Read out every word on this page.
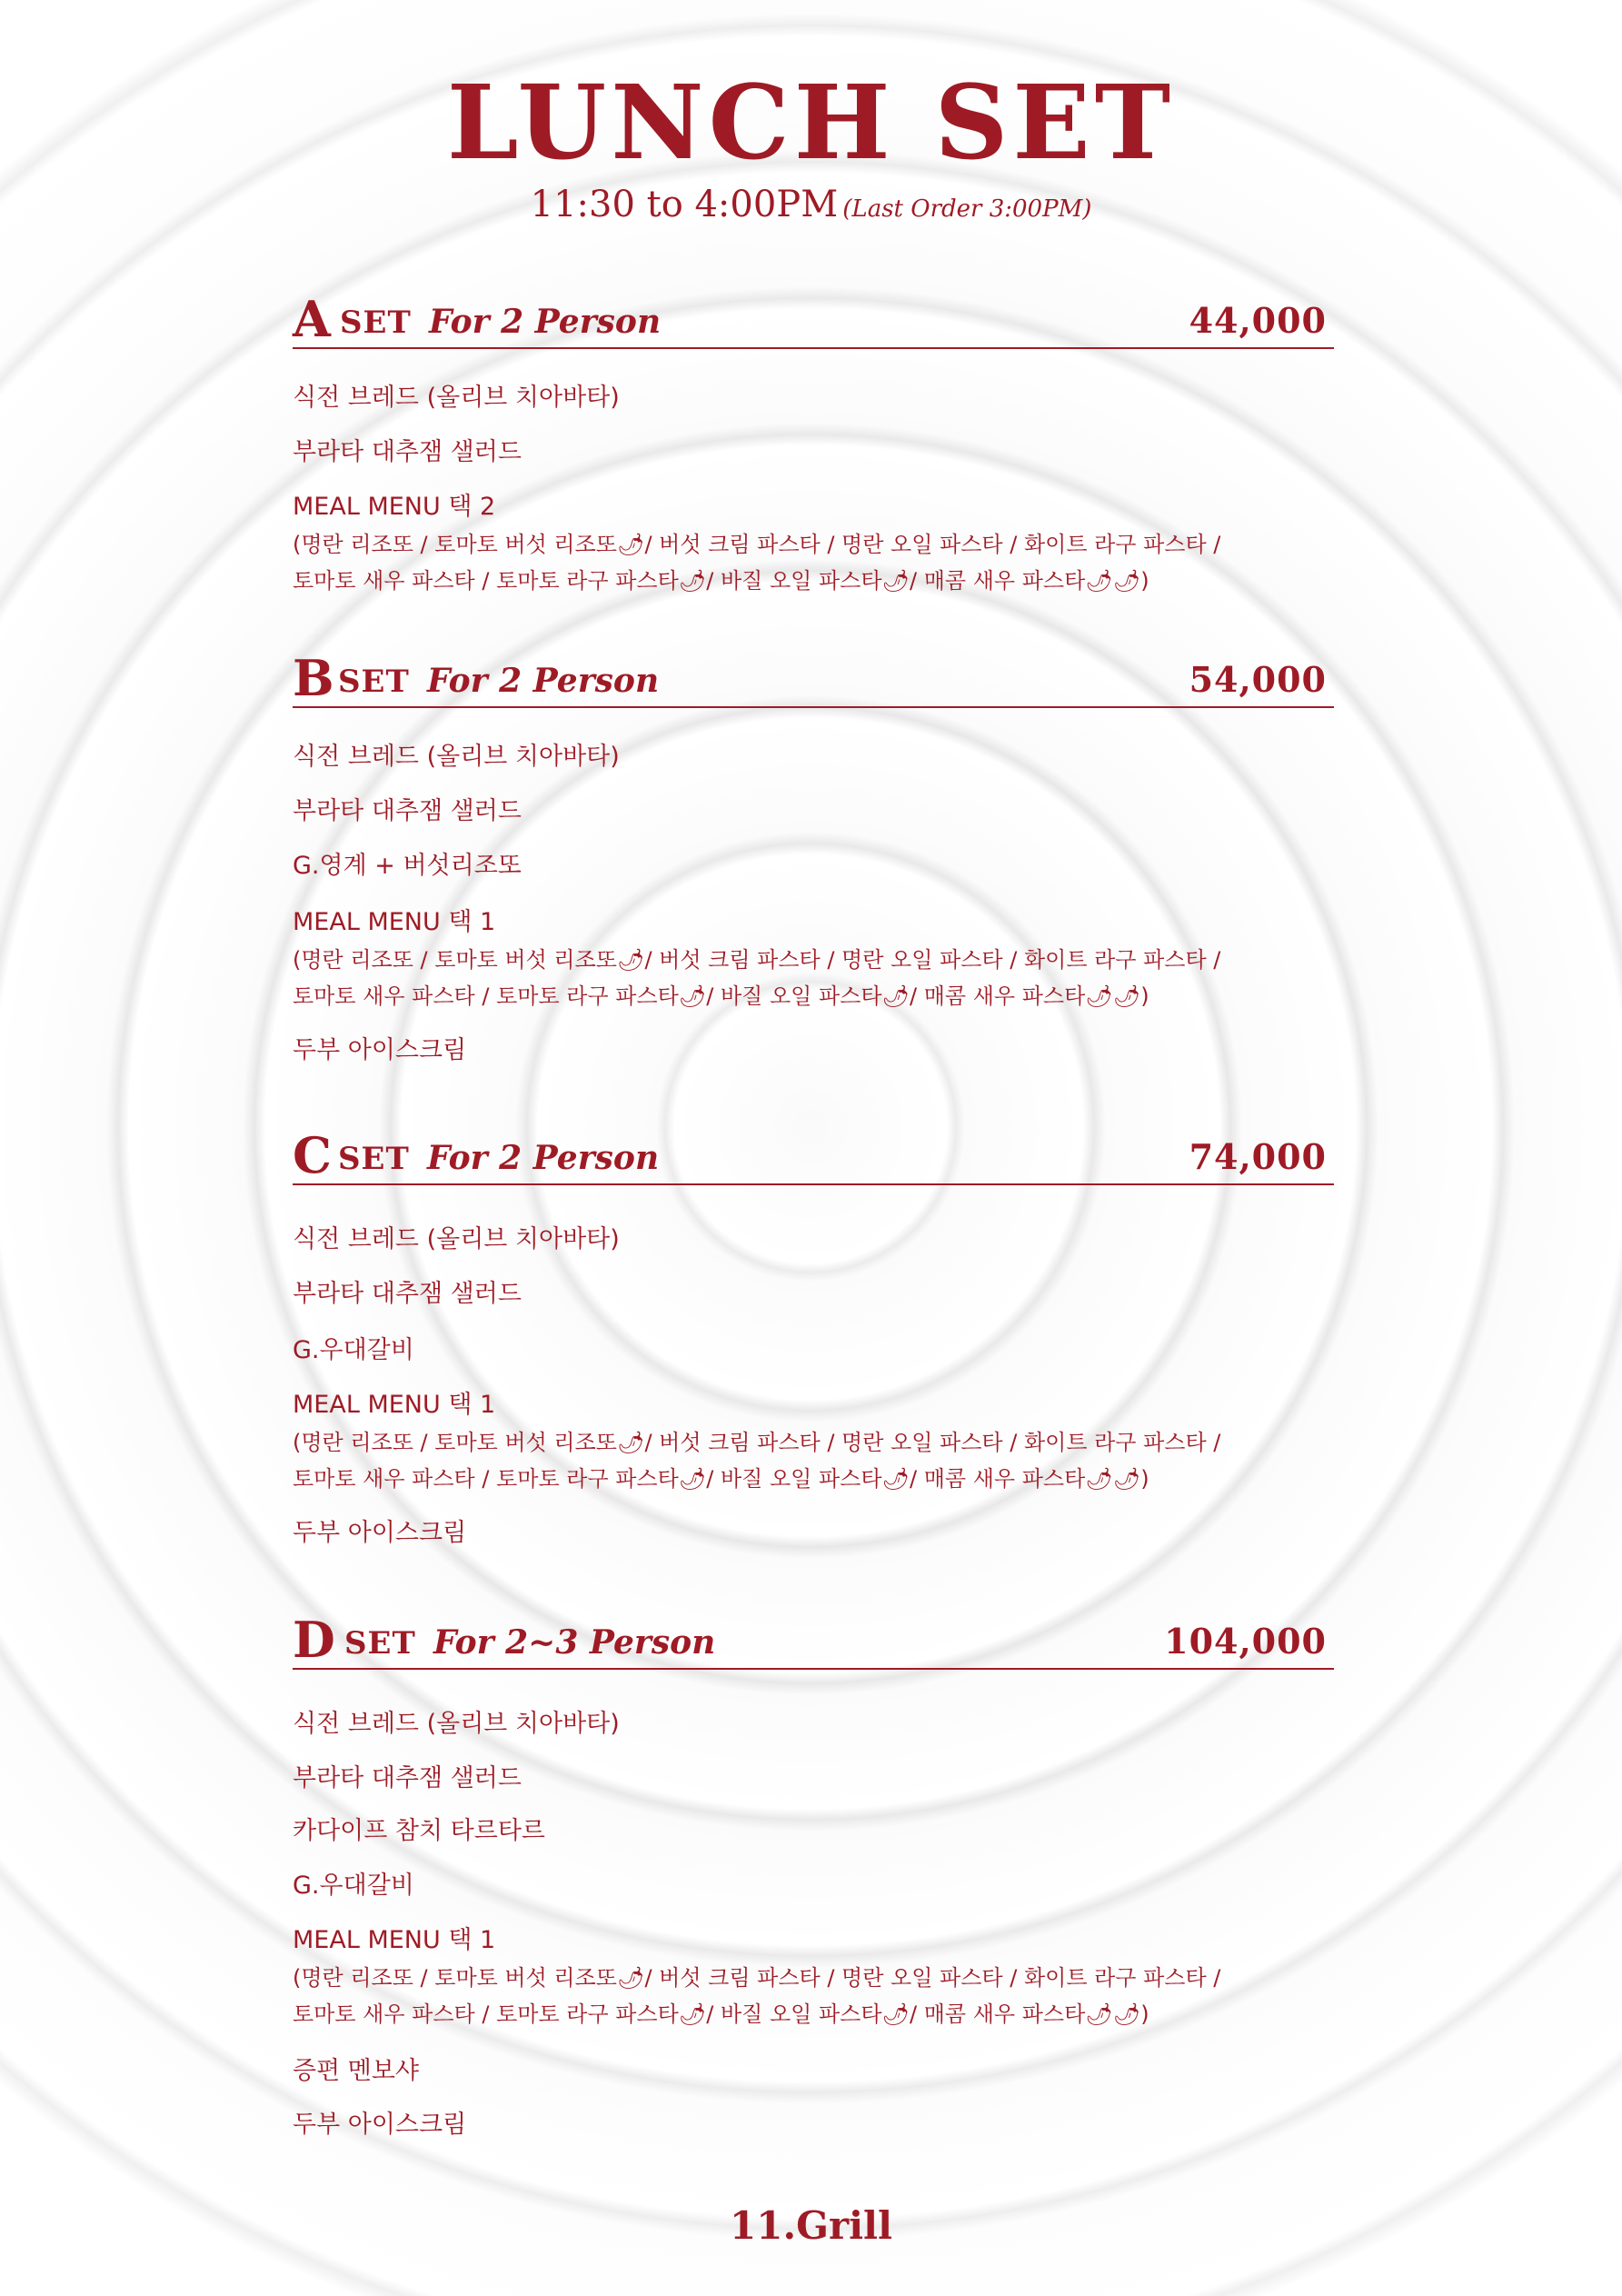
LUNCH SET
11:30 to 4:00PM (Last Order 3:00PM)
A SET For 2 Person	44,000
식전 브레드 (올리브 치아바타)
부라타 대추잼 샐러드
MEAL MENU 택 2
(명란 리조또 / 토마토 버섯 리조또🌶/ 버섯 크림 파스타 / 명란 오일 파스타 / 화이트 라구 파스타 /
토마토 새우 파스타 / 토마토 라구 파스타🌶/ 바질 오일 파스타🌶/ 매콤 새우 파스타🌶🌶)
B SET For 2 Person	54,000
식전 브레드 (올리브 치아바타)
부라타 대추잼 샐러드
G.영계 + 버섯리조또
MEAL MENU 택 1
(명란 리조또 / 토마토 버섯 리조또🌶/ 버섯 크림 파스타 / 명란 오일 파스타 / 화이트 라구 파스타 /
토마토 새우 파스타 / 토마토 라구 파스타🌶/ 바질 오일 파스타🌶/ 매콤 새우 파스타🌶🌶)
두부 아이스크림
C SET For 2 Person	74,000
식전 브레드 (올리브 치아바타)
부라타 대추잼 샐러드
G.우대갈비
MEAL MENU 택 1
(명란 리조또 / 토마토 버섯 리조또🌶/ 버섯 크림 파스타 / 명란 오일 파스타 / 화이트 라구 파스타 /
토마토 새우 파스타 / 토마토 라구 파스타🌶/ 바질 오일 파스타🌶/ 매콤 새우 파스타🌶🌶)
두부 아이스크림
D SET For 2~3 Person	104,000
식전 브레드 (올리브 치아바타)
부라타 대추잼 샐러드
카다이프 참치 타르타르
G.우대갈비
MEAL MENU 택 1
(명란 리조또 / 토마토 버섯 리조또🌶/ 버섯 크림 파스타 / 명란 오일 파스타 / 화이트 라구 파스타 /
토마토 새우 파스타 / 토마토 라구 파스타🌶/ 바질 오일 파스타🌶/ 매콤 새우 파스타🌶🌶)
증편 멘보샤
두부 아이스크림
11.Grill
